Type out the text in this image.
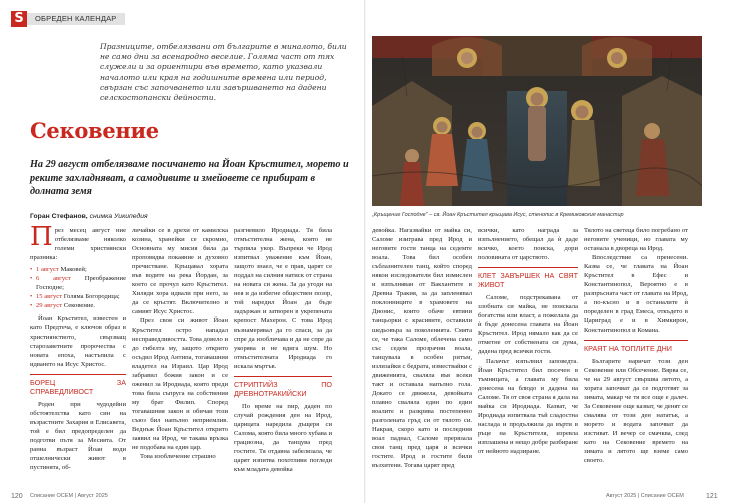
S	ОБРЕДЕН КАЛЕНДАР
Празниците, отбелязвани от българите в миналото, били не само дни за всенародно веселие. Голяма част от тях служели и за ориентири във времето, като указвали началото или края на годишните времена или период, свързан със започването или завършването на дадени селскостопански дейности.
Сековение
На 29 август отбелязваме посичането на Йоан Кръстител, морето и реките захладняват, а самодивите и змейовете се прибират в долната земя
Горан Стефанов, снимка Уикипедия	„Кръщение Господне" – св. Йоан Кръстител кръщава Исус, стенопис в Кремиковския манастир

През месец август ние отбелязваме няколко големи християнски празника:

• 1 август Маковей;
• 6 август Преображение Господне;
• 15 август Голяма Богородица;
• 29 август Сековение.

Йоан Кръстител, известен и като Предтеча, е ключов образ в християнството, свързващ старозаветните пророчества с новата епоха, настъпила с идването на Исус Христос.

БОРЕЦ ЗА СПРАВЕДЛИВОСТ

Роден при чудодейни обстоятелства като син на възрастните Захария и Елисавета, той е бил предопределен да подготви пътя за Месията. От ранна възраст Йоан води отшелнически живот в пустинята, об-

личайки се в дрехи от камилска козина, хранейки се скромно, Основната му мисия била да проповядва покаяние и духовно пречистване. Кръщавал хората във водите на река Йордан, за което се прочул като Кръстител. Хиляди хора идвали при него, за да се кръстят. Включително и самият Исус Христос.

През своя си живот Йоан Кръстител остро нападал несправедливостта. Това довело и до гибелта му, защото открито осъдил Ирод Антипа, тогавашния владетел на Израил. Цар Ирод забравил божия закон и се оженил за Иродиада, която преди това била съпруга на собствения му брат Филип. Според тогавашния закон и обичаи този съюз бил напълно неприемлив. Веднъж Йоан Кръстител открито заявил на Ирод, че такава връзка не подобава на един цар.

Това изобличение страшно

разгневило Иродиада. Тя била отмъстителна жена, която не търпяла укор. Въпреки че Ирод изпитвал уважение към Йоан, защото знаел, че е прав, царят се поддал на силния натиск от страна на новата си жена. За да угоди на нея и да избегне обществен позор, той наредил Йоан да бъде задържан и затворен в укрепената крепост Махерон. С това Ирод възнамерявал да го спаси, за да спре да изобличава и да не спре да укорява и не вдига шум. Но отмъстителната Иродиада го искала мъртъв.

СТРИПТИЙЗ ПО ДРЕВНОТРАКИЙСКИ

По време на пир, даден по случай рождения ден на Ирод, царицата наредила дъщеря си Салома, която била много хубава и грациозна, да танцува пред гостите. Тя отдавна забелязала, че царят изпитва похотливи погледи към младата девойка

девойка. Нагазвайки от майка си, Саломе изиграва пред Ирод и неговите гости танца на седемте воала. Това бил особен съблазнителен танц, който според някои изследователи бил измислен и изпълняван от Вакхантите в Древна Тракия, за да запленявал поклонниците в храмовете на Дионис, които обаче евтини танцьорки с красивите, оставили шедьовъра за поколенията. Смята се, че така Саломе, облечена само със седем прозрачни воала, танцувала в особен ритъм, излизайки с бедрата, измествайки с движенията, сваляла във всеки такт и оставала напълно гола. Докато се движела, девойката плавно сваляла един по един воалите и разкрива постепенно разголената гръд си от тялото си. Накрая, скоро като и последния воал паднал, Саломе прерязала своя танц пред царя и всички гостите. Ирод и гостите били възхитени. Тогава царят пред

всички, като награда за изпълнението, обещал да ѝ даде всичко, което поиска, дори половината от царството.

КЛЕТ ЗАВЪРШЕК НА СВЯТ ЖИВОТ

Саломе, подстрекавана от злобната си майка, не поискала богатства или власт, а пожелала да ѝ бъде донесена главата на Йоан Кръстител. Ирод нямало как да се отметне от собствената си дума, дадена пред всички гости.

Палачът изпълнил заповедта. Йоан Кръстител бил посечен в тъмницата, а главата му била донесена на блюдо и дадена на Саломе. Тя от своя страна я дала на майка си Иродиада. Казват, че Иродиада изпитвала тъй сладостна наслада и продължила да върти в ръце на Кръстителя, изревла изплашена и нещо добре разбиране от нейното надзиране.

Тялото на светеца било погребано от неговите ученици, но главата му останала в двореца на Ирод.

Впоследствие са пренесени. Казва се, че главата на Йоан Кръстител в Ефес и Константинопол, Вероятно е в разпръсната част от главата на Ирод, а по-късно и в останалите ѝ поределен в град Емеса, откъдето в Цариград е и в Химкирон, Константинопол и Комана.

КРАЯТ НА ТОПЛИТЕ ДНИ

Българите наричат този ден Сековение или Обсечение. Вярва се, че на 29 август свършва лятото, а хората започват да се подготвят за зимата, макар че тя все още е далеч. За Сековение още казват, че денят се смалява от този ден нататък, а морето и водата започват да изстиват. И вечер се смачква, след като на Сековение времето на зимата и лятото ще вземе само своето.

120 Списание ОСЕМ | Август 2025	Август 2025 | Списание ОСЕМ	121
